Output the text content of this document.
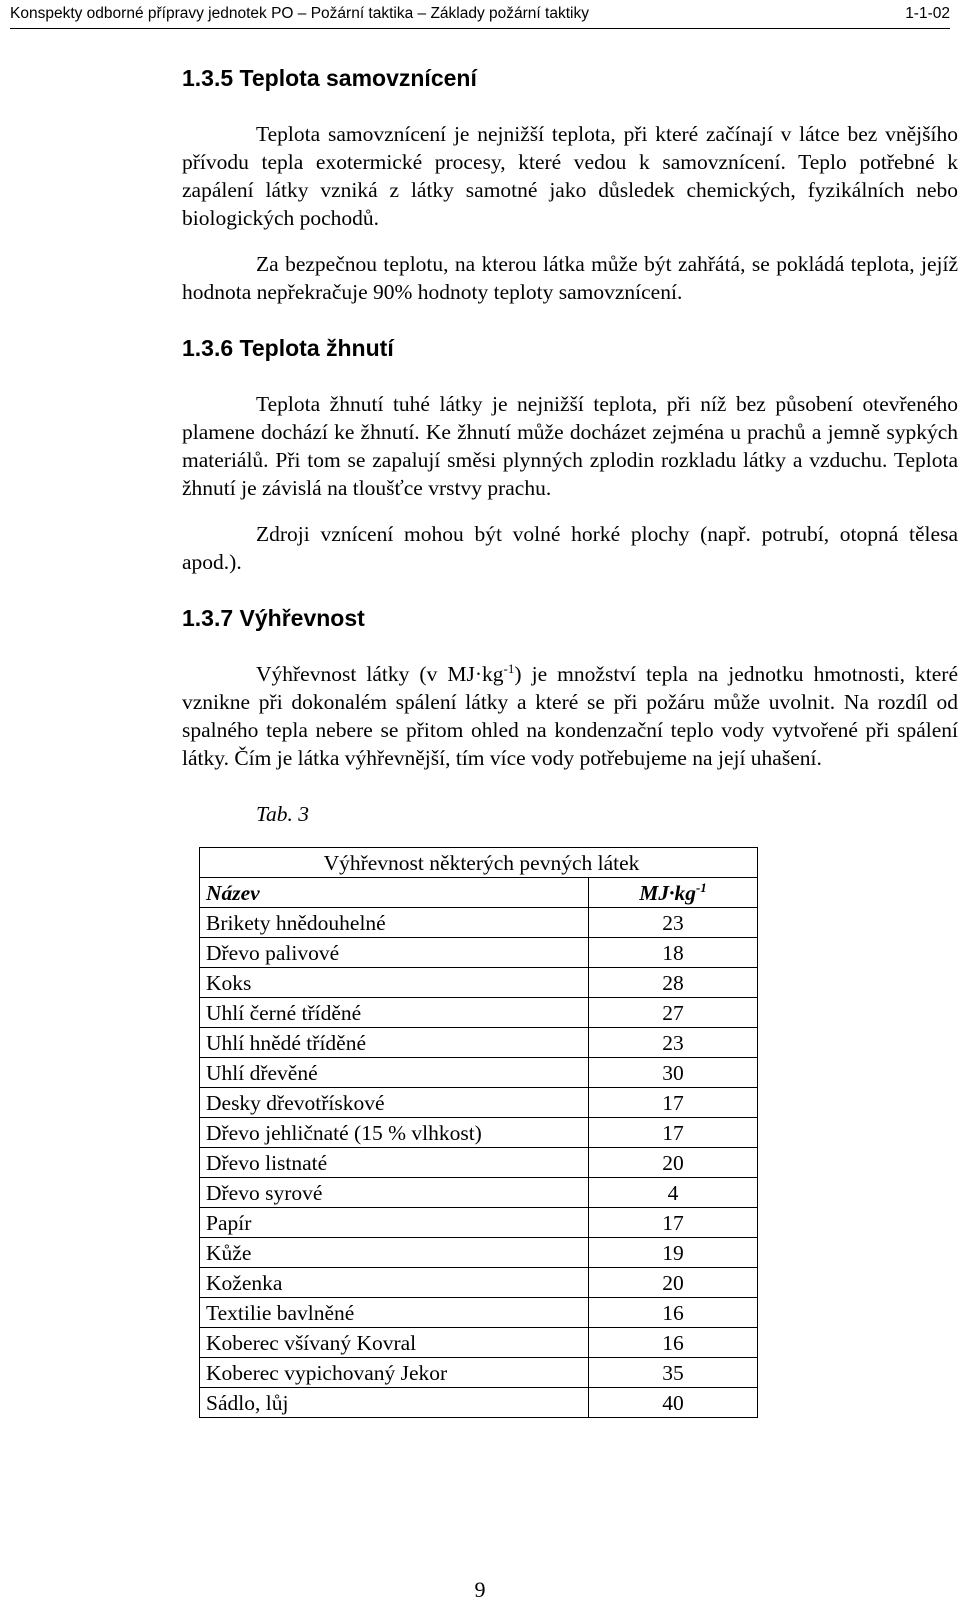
Konspekty odborné přípravy jednotek PO – Požární taktika – Základy požární taktiky	1-1-02
1.3.5 Teplota samovznícení

Teplota samovznícení je nejnižší teplota, při které začínají v látce bez vnějšího přívodu tepla exotermické procesy, které vedou k samovznícení. Teplo potřebné k zapálení látky vzniká z látky samotné jako důsledek chemických, fyzikálních nebo biologických pochodů.

Za bezpečnou teplotu, na kterou látka může být zahřátá, se pokládá teplota, jejíž hodnota nepřekračuje 90% hodnoty teploty samovznícení.

1.3.6 Teplota žhnutí

Teplota žhnutí tuhé látky je nejnižší teplota, při níž bez působení otevřeného plamene dochází ke žhnutí. Ke žhnutí může docházet zejména u prachů a jemně sypkých materiálů. Při tom se zapalují směsi plynných zplodin rozkladu látky a vzduchu. Teplota žhnutí je závislá na tloušťce vrstvy prachu.

Zdroji vznícení mohou být volné horké plochy (např. potrubí, otopná tělesa apod.).

1.3.7 Výhřevnost

Výhřevnost látky (v $MJ\cdot kg^{-1}$) je množství tepla na jednotku hmotnosti, které vznikne při dokonalém spálení látky a které se při požáru může uvolnit. Na rozdíl od spalného tepla nebere se přitom ohled na kondenzační teplo vody vytvořené při spálení látky. Čím je látka výhřevnější, tím více vody potřebujeme na její uhašení.

Tab. 3
Výhřevnost některých pevných látek	
Název	$MJ\cdot kg^{-1}$
Brikety hnědouhelné	23
Dřevo palivové	18
Koks	28
Uhlí černé tříděné	27
Uhlí hnědé tříděné	23
Uhlí dřevěné	30
Desky dřevotřískové	17
Dřevo jehličnaté (15 % vlhkost)	17
Dřevo listnaté	20
Dřevo syrové	4
Papír	17
Kůže	19
Koženka	20
Textilie bavlněné	16
Koberec všívaný Kovral	16
Koberec vypichovaný Jekor	35
Sádlo, lůj	40
9
